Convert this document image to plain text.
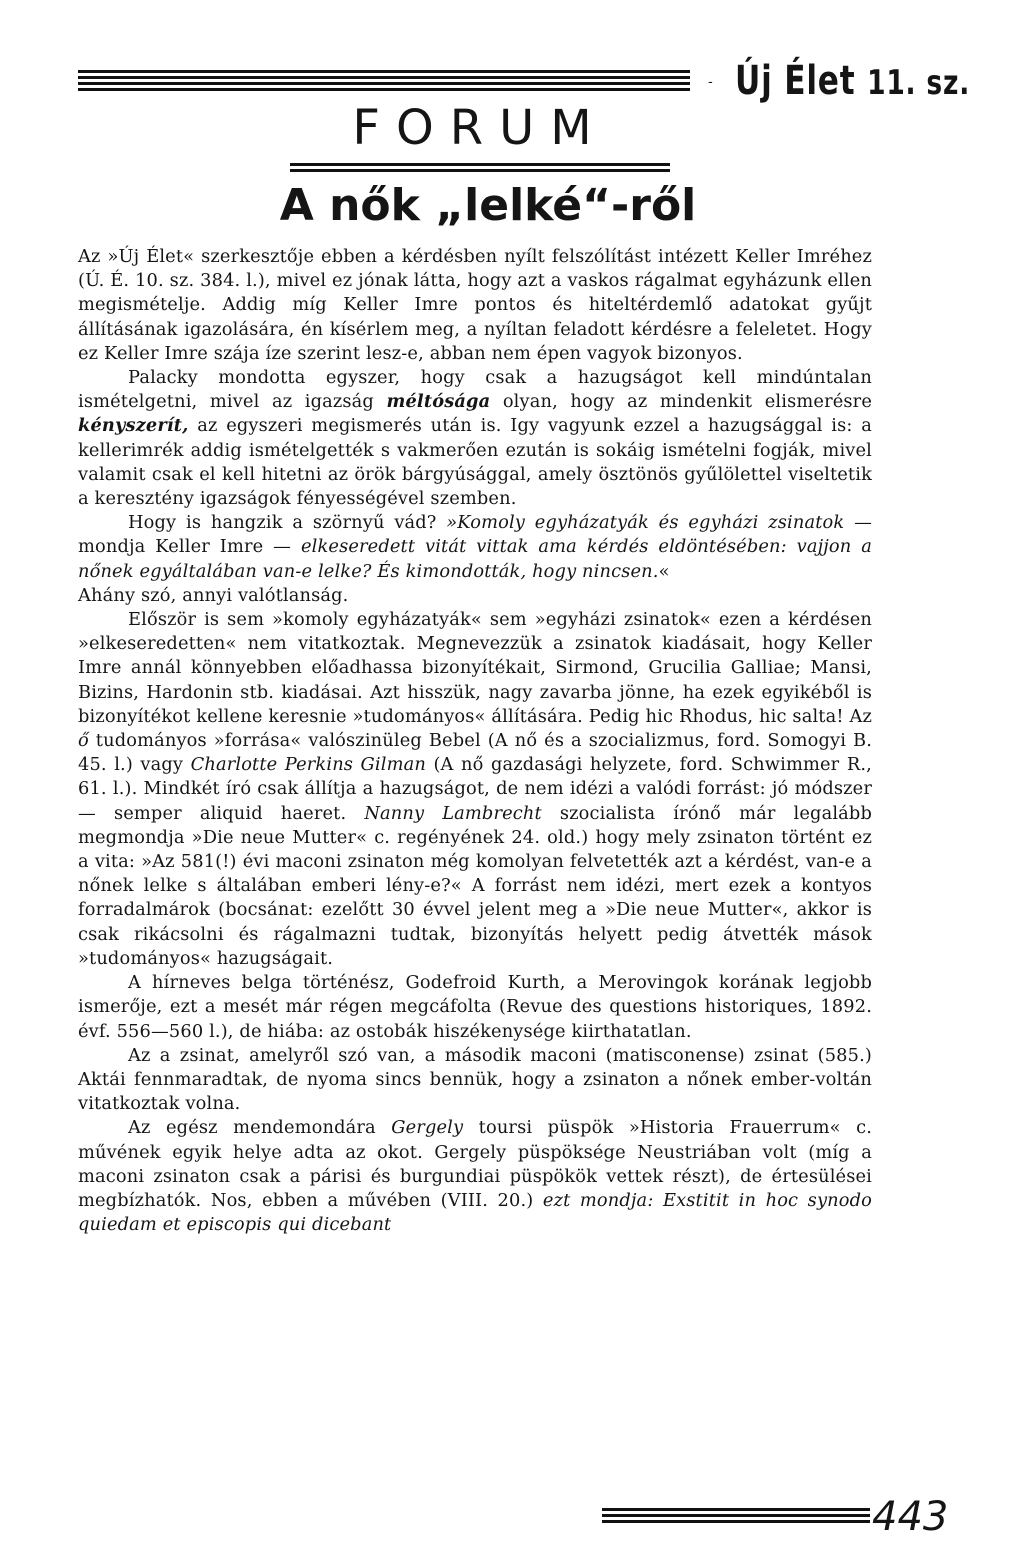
- Új Élet 11. sz.
FORUM
A nők „lelké“-ről

Az »Új Élet« szerkesztője ebben a kérdésben nyílt felszólítást intézett Keller Imréhez (Ú. É. 10. sz. 384. l.), mivel ez jónak látta, hogy azt a vaskos rágalmat egyházunk ellen megismételje. Addig míg Keller Imre pontos és hiteltérdemlő adatokat gyűjt állításának igazolására, én kísérlem meg, a nyíltan feladott kérdésre a feleletet. Hogy ez Keller Imre szája íze szerint lesz-e, abban nem épen vagyok bizonyos.

Palacky mondotta egyszer, hogy csak a hazugságot kell mindúntalan ismételgetni, mivel az igazság méltósága olyan, hogy az mindenkit elismerésre kényszerít, az egyszeri megismerés után is. Igy vagyunk ezzel a hazugsággal is: a kellerimrék addig ismételgették s vakmerően ezután is sokáig ismételni fogják, mivel valamit csak el kell hitetni az örök bárgyúsággal, amely ösztönös gyűlölettel viseltetik a keresztény igazságok fényességével szemben.

Hogy is hangzik a szörnyű vád? »Komoly egyházatyák és egyházi zsinatok — mondja Keller Imre — elkeseredett vitát vittak ama kérdés eldöntésében: vajjon a nőnek egyáltalában van-e lelke? És kimondották, hogy nincsen.«

Ahány szó, annyi valótlanság.

Először is sem »komoly egyházatyák« sem »egyházi zsinatok« ezen a kérdésen »elkeseredetten« nem vitatkoztak. Megnevezzük a zsinatok kiadásait, hogy Keller Imre annál könnyebben előadhassa bizonyítékait, Sirmond, Grucilia Galliae; Mansi, Bizins, Hardonin stb. kiadásai. Azt hisszük, nagy zavarba jönne, ha ezek egyikéből is bizonyítékot kellene keresnie »tudományos« állítására. Pedig hic Rhodus, hic salta! Az ő tudományos »forrása« valószinüleg Bebel (A nő és a szocializmus, ford. Somogyi B. 45. l.) vagy Charlotte Perkins Gilman (A nő gazdasági helyzete, ford. Schwimmer R., 61. l.). Mindkét író csak állítja a hazugságot, de nem idézi a valódi forrást: jó módszer — semper aliquid haeret. Nanny Lambrecht szocialista írónő már legalább megmondja »Die neue Mutter« c. regényének 24. old.) hogy mely zsinaton történt ez a vita: »Az 581(!) évi maconi zsinaton még komolyan felvetették azt a kérdést, van-e a nőnek lelke s általában emberi lény-e?« A forrást nem idézi, mert ezek a kontyos forradalmárok (bocsánat: ezelőtt 30 évvel jelent meg a »Die neue Mutter«, akkor is csak rikácsolni és rágalmazni tudtak, bizonyítás helyett pedig átvették mások »tudományos« hazugságait.

A hírneves belga történész, Godefroid Kurth, a Merovingok korának legjobb ismerője, ezt a mesét már régen megcáfolta (Revue des questions historiques, 1892. évf. 556—560 l.), de hiába: az ostobák hiszékenysége kiirthatatlan.

Az a zsinat, amelyről szó van, a második maconi (matisconense) zsinat (585.) Aktái fennmaradtak, de nyoma sincs bennük, hogy a zsinaton a nőnek ember-voltán vitatkoztak volna.

Az egész mendemondára Gergely toursi püspök »Historia Frauerrum« c. művének egyik helye adta az okot. Gergely püspöksége Neustriában volt (míg a maconi zsinaton csak a párisi és burgundiai püspökök vettek részt), de értesülései megbízhatók. Nos, ebben a művében (VIII. 20.) ezt mondja: Exstitit in hoc synodo quiedam et episcopis qui dicebant

443
